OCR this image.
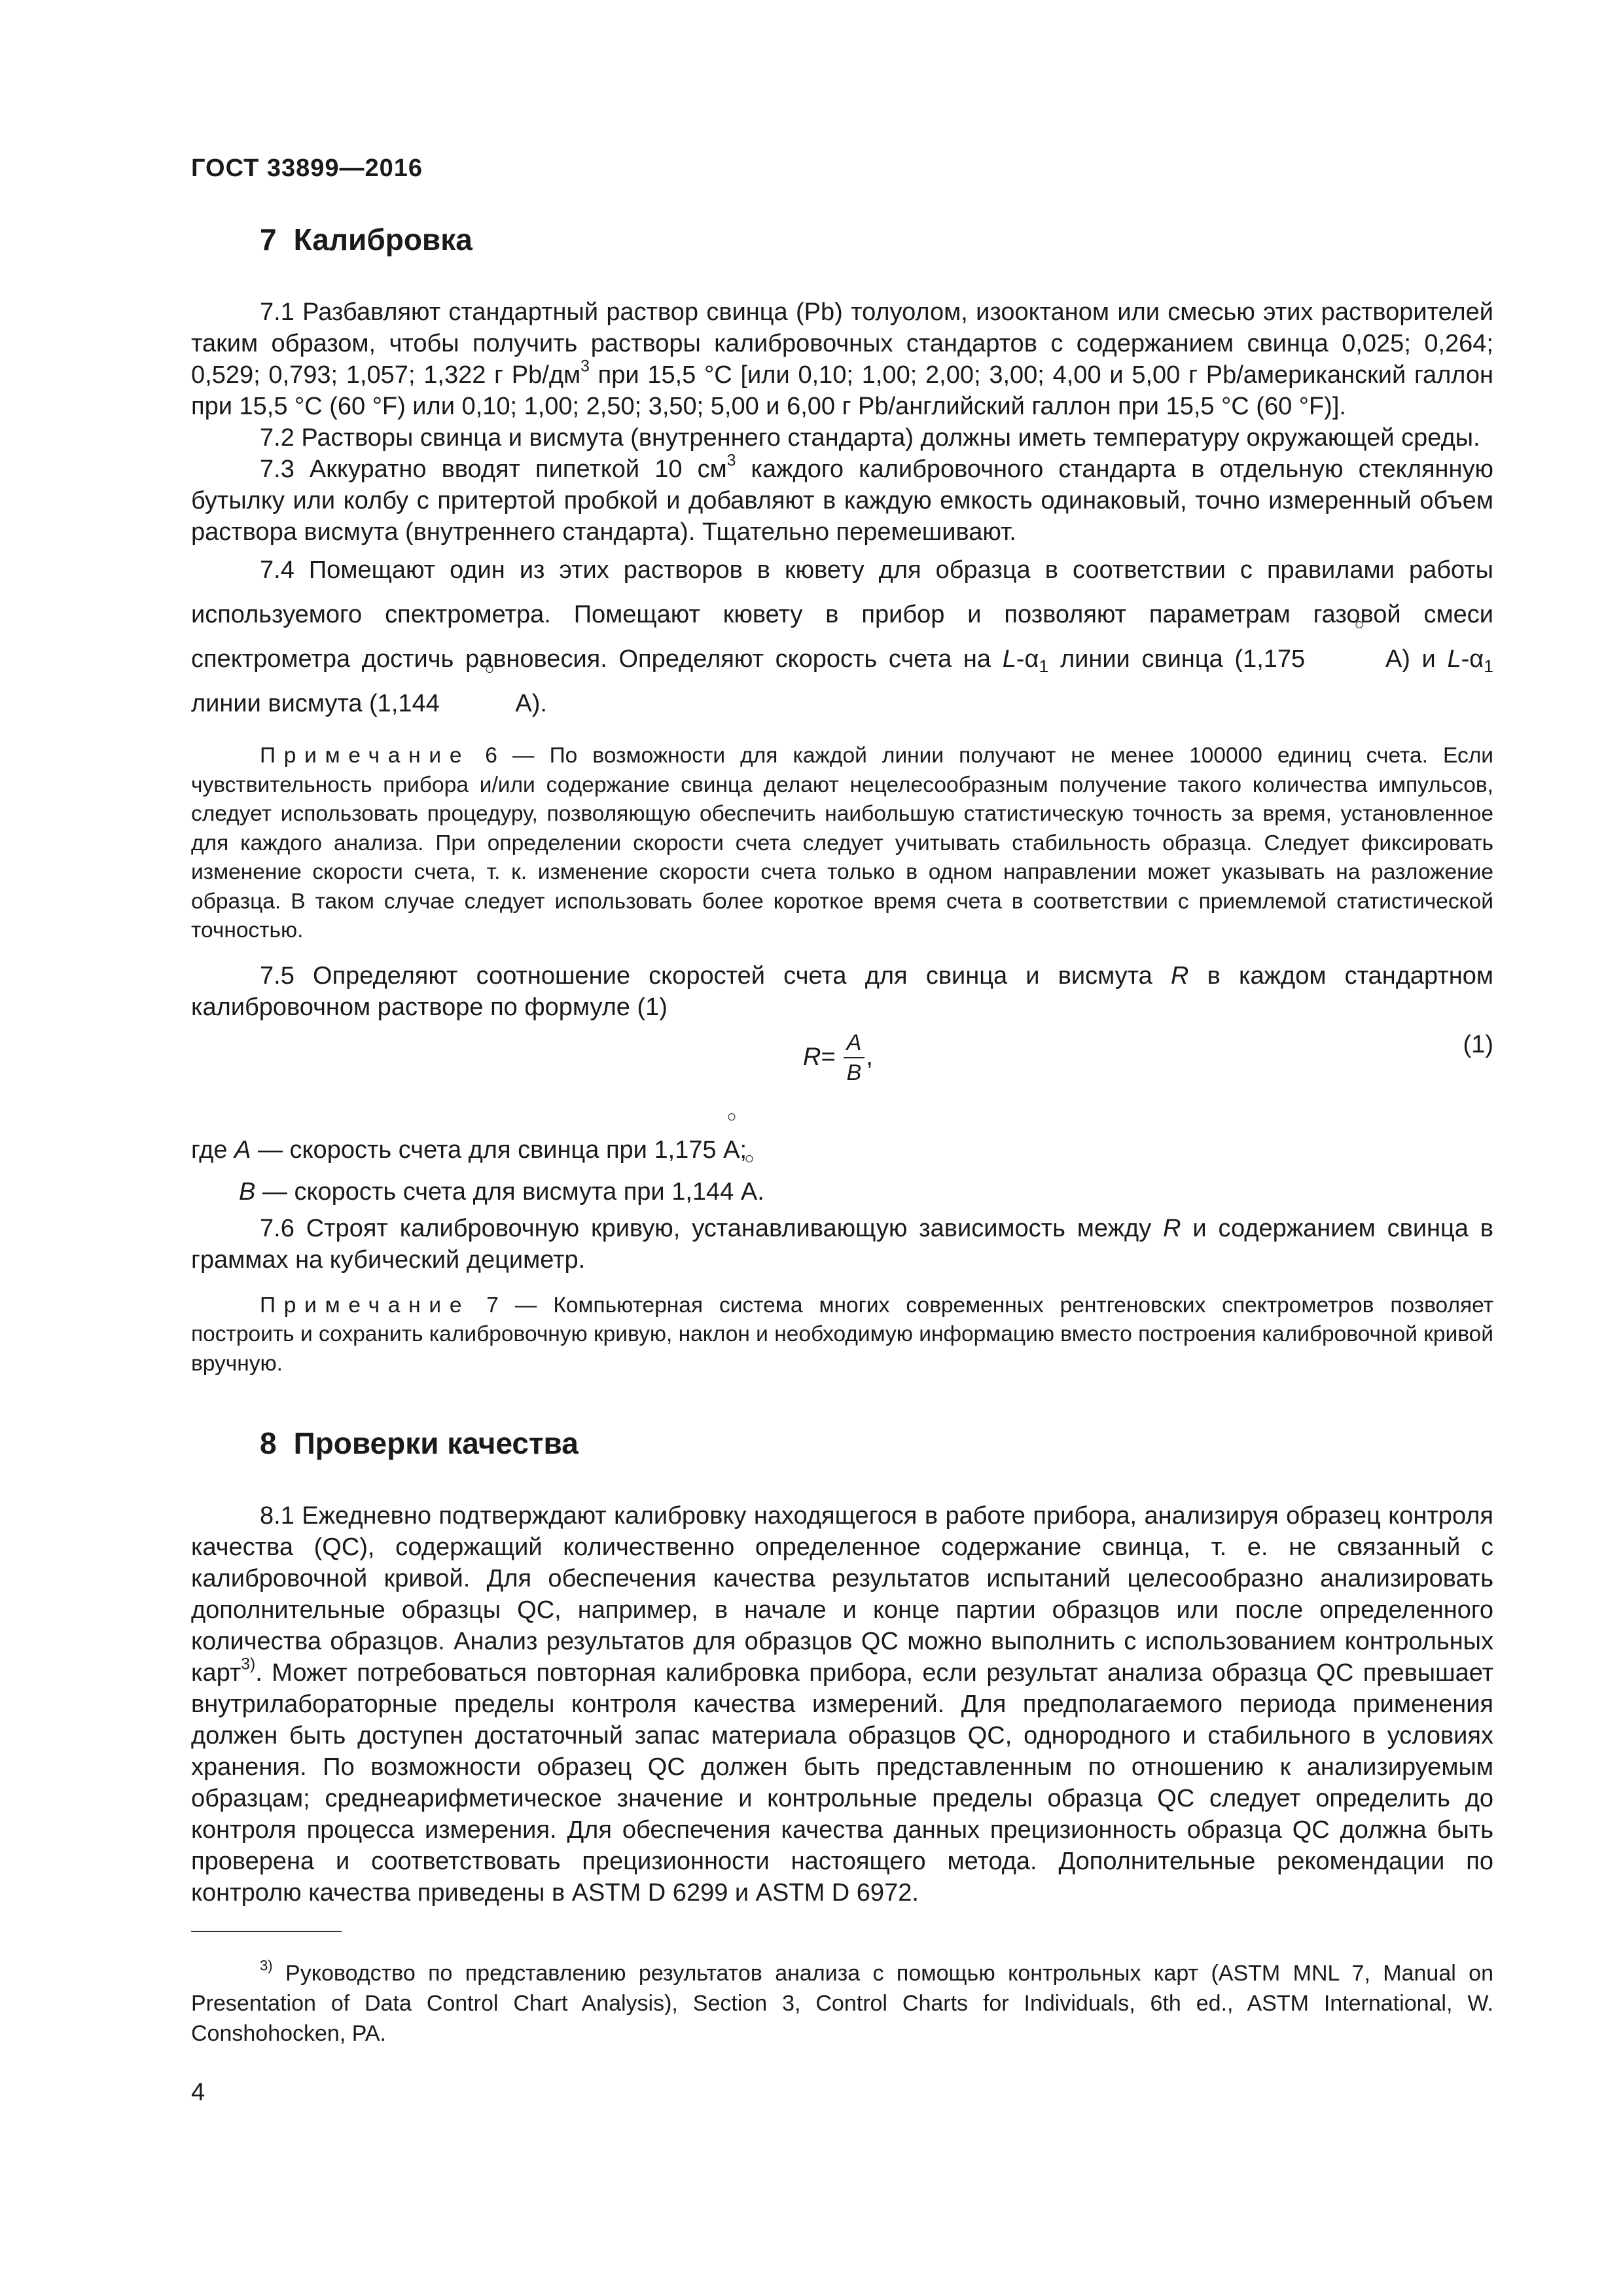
ГОСТ 33899—2016
7 Калибровка

7.1 Разбавляют стандартный раствор свинца (Pb) толуолом, изооктаном или смесью этих растворителей таким образом, чтобы получить растворы калибровочных стандартов с содержанием свинца 0,025; 0,264; 0,529; 0,793; 1,057; 1,322 г $Pb/дм^3$ при 15,5 °С [или 0,10; 1,00; 2,00; 3,00; 4,00 и 5,00 г Pb/американский галлон при 15,5 °С (60 °F) или 0,10; 1,00; 2,50; 3,50; 5,00 и 6,00 г Pb/английский галлон при 15,5 °С (60 °F)].

7.2 Растворы свинца и висмута (внутреннего стандарта) должны иметь температуру окружающей среды.

7.3 Аккуратно вводят пипеткой 10 $см^3$ каждого калибровочного стандарта в отдельную стеклянную бутылку или колбу с притертой пробкой и добавляют в каждую емкость одинаковый, точно измеренный объем раствора висмута (внутреннего стандарта). Тщательно перемешивают.

7.4 Помещают один из этих растворов в кювету для образца в соответствии с правилами работы используемого спектрометра. Помещают кювету в прибор и позволяют параметрам газовой смеси спектрометра достичь равновесия. Определяют скорость счета на $L-\alpha_1$ линии свинца (1,175	А) и $L-\alpha_1$ линии висмута (1,144	А).

Примечание 6 — По возможности для каждой линии получают не менее 100000 единиц счета. Если чувствительность прибора и/или содержание свинца делают нецелесообразным получение такого количества импульсов, следует использовать процедуру, позволяющую обеспечить наибольшую статистическую точность за время, установленное для каждого анализа. При определении скорости счета следует учитывать стабильность образца. Следует фиксировать изменение скорости счета, т. к. изменение скорости счета только в одном направлении может указывать на разложение образца. В таком случае следует использовать более короткое время счета в соответствии с приемлемой статистической точностью.

7.5 Определяют соотношение скоростей счета для свинца и висмута R в каждом стандартном калибровочном растворе по формуле (1)

$R = \frac{A}{B}$ ,	(1)

где A — скорость счета для свинца при 1,175 А;

B — скорость счета для висмута при 1,144 А.

7.6 Строят калибровочную кривую, устанавливающую зависимость между R и содержанием свинца в граммах на кубический дециметр.

Примечание 7 — Компьютерная система многих современных рентгеновских спектрометров позволяет построить и сохранить калибровочную кривую, наклон и необходимую информацию вместо построения калибровочной кривой вручную.
8 Проверки качества

8.1 Ежедневно подтверждают калибровку находящегося в работе прибора, анализируя образец контроля качества (QC), содержащий количественно определенное содержание свинца, т. е. не связанный с калибровочной кривой. Для обеспечения качества результатов испытаний целесообразно анализировать дополнительные образцы QC, например, в начале и конце партии образцов или после определенного количества образцов. Анализ результатов для образцов QC можно выполнить с использованием контрольных карт$^{3)}$. Может потребоваться повторная калибровка прибора, если результат анализа образца QC превышает внутрилабораторные пределы контроля качества измерений. Для предполагаемого периода применения должен быть доступен достаточный запас материала образцов QC, однородного и стабильного в условиях хранения. По возможности образец QC должен быть представленным по отношению к анализируемым образцам; среднеарифметическое значение и контрольные пределы образца QC следует определить до контроля процесса измерения. Для обеспечения качества данных прецизионность образца QC должна быть проверена и соответствовать прецизионности настоящего метода. Дополнительные рекомендации по контролю качества приведены в ASTM D 6299 и ASTM D 6972.

$^{3)}$ Руководство по представлению результатов анализа с помощью контрольных карт (ASTM MNL 7, Manual on Presentation of Data Control Chart Analysis), Section 3, Control Charts for Individuals, 6th ed., ASTM International, W. Conshohocken, PA.
4
